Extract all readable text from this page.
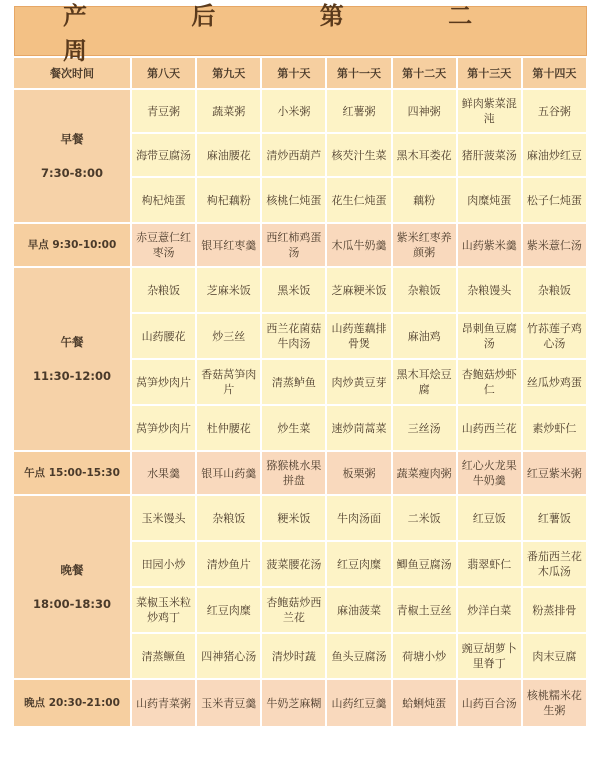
产 后 第 二 周
餐次时间	第八天	第九天	第十天	第十一天	第十二天	第十三天	第十四天

早餐
7:30-8:00	青豆粥	蔬菜粥	小米粥	红薯粥	四神粥	鲜肉紫菜混沌	五谷粥
	海带豆腐汤	麻油腰花	清炒西葫芦	核芡汁生菜	黑木耳娄花	猪肝菠菜汤	麻油炒红豆
	枸杞炖蛋	枸杞藕粉	核桃仁炖蛋	花生仁炖蛋	藕粉	肉糜炖蛋	松子仁炖蛋
早点 9:30-10:00	赤豆薏仁红枣汤	银耳红枣羹	西红柿鸡蛋汤	木瓜牛奶羹	紫米红枣养颜粥	山药紫米羹	紫米薏仁汤

午餐
11:30-12:00	杂粮饭	芝麻米饭	黑米饭	芝麻粳米饭	杂粮饭	杂粮馒头	杂粮饭
	山药腰花	炒三丝	西兰花菌菇牛肉汤	山药莲藕排骨煲	麻油鸡	昂刺鱼豆腐汤	竹荪莲子鸡心汤
	莴笋炒肉片	香菇莴笋肉片	清蒸鲈鱼	肉炒黄豆芽	黑木耳烩豆腐	杏鲍菇炒虾仁	丝瓜炒鸡蛋
	莴笋炒肉片	杜仲腰花	炒生菜	速炒茼蒿菜	三丝汤	山药西兰花	素炒虾仁
午点 15:00-15:30	水果羹	银耳山药羹	猕猴桃水果拼盘	板栗粥	蔬菜瘦肉粥	红心火龙果牛奶羹	红豆紫米粥

晚餐
18:00-18:30	玉米馒头	杂粮饭	粳米饭	牛肉汤面	二米饭	红豆饭	红薯饭
	田园小炒	清炒鱼片	菠菜腰花汤	红豆肉糜	鲫鱼豆腐汤	翡翠虾仁	番茄西兰花木瓜汤
	菜椒玉米粒炒鸡丁	红豆肉糜	杏鲍菇炒西兰花	麻油菠菜	青椒土豆丝	炒洋白菜	粉蒸排骨
	清蒸鳜鱼	四神猪心汤	清炒时蔬	鱼头豆腐汤	荷塘小炒	豌豆胡萝卜里脊丁	肉末豆腐
晚点 20:30-21:00	山药青菜粥	玉米青豆羹	牛奶芝麻糊	山药红豆羹	蛤蜊炖蛋	山药百合汤	核桃糯米花生粥
